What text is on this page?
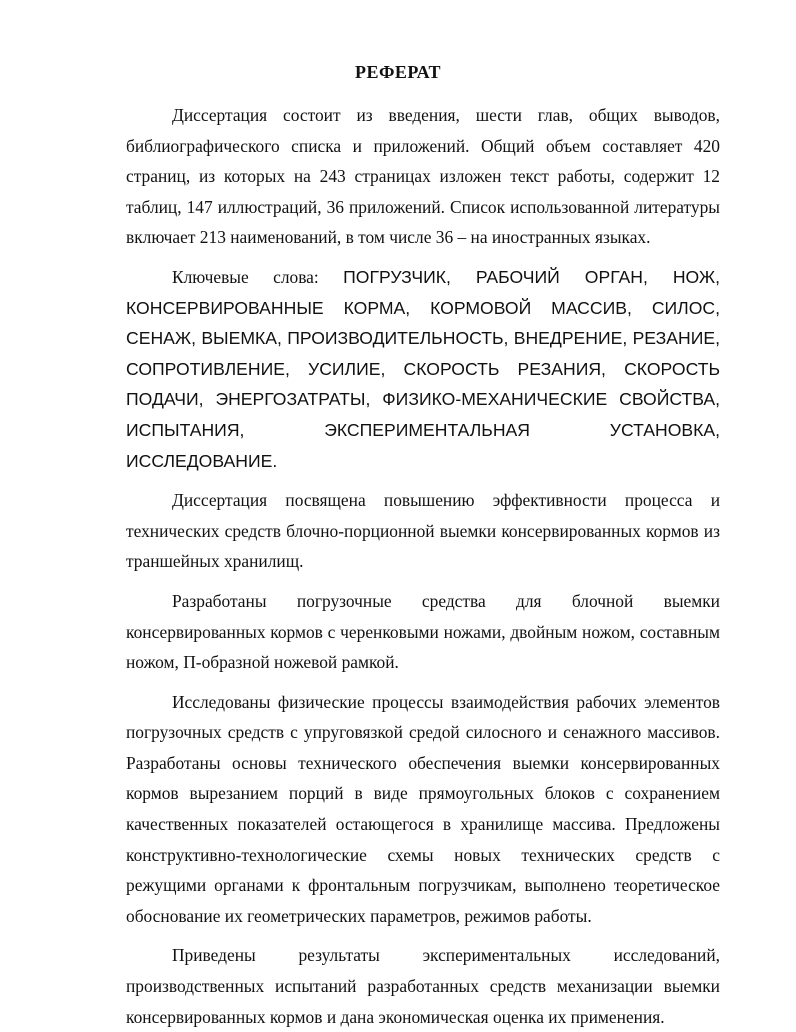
РЕФЕРАТ

Диссертация состоит из введения, шести глав, общих выводов, библиографического списка и приложений. Общий объем составляет 420 страниц, из которых на 243 страницах изложен текст работы, содержит 12 таблиц, 147 иллюстраций, 36 приложений. Список использованной литературы включает 213 наименований, в том числе 36 – на иностранных языках.

Ключевые слова: ПОГРУЗЧИК, РАБОЧИЙ ОРГАН, НОЖ, КОНСЕРВИРОВАННЫЕ КОРМА, КОРМОВОЙ МАССИВ, СИЛОС, СЕНАЖ, ВЫЕМКА, ПРОИЗВОДИТЕЛЬНОСТЬ, ВНЕДРЕНИЕ, РЕЗАНИЕ, СОПРОТИВЛЕНИЕ, УСИЛИЕ, СКОРОСТЬ РЕЗАНИЯ, СКОРОСТЬ ПОДАЧИ, ЭНЕРГОЗАТРАТЫ, ФИЗИКО-МЕХАНИЧЕСКИЕ СВОЙСТВА, ИСПЫТАНИЯ, ЭКСПЕРИМЕНТАЛЬНАЯ УСТАНОВКА, ИССЛЕДОВАНИЕ.

Диссертация посвящена повышению эффективности процесса и технических средств блочно-порционной выемки консервированных кормов из траншейных хранилищ.

Разработаны погрузочные средства для блочной выемки консервированных кормов с черенковыми ножами, двойным ножом, составным ножом, П-образной ножевой рамкой.

Исследованы физические процессы взаимодействия рабочих элементов погрузочных средств с упруговязкой средой силосного и сенажного массивов. Разработаны основы технического обеспечения выемки консервированных кормов вырезанием порций в виде прямоугольных блоков с сохранением качественных показателей остающегося в хранилище массива. Предложены конструктивно-технологические схемы новых технических средств с режущими органами к фронтальным погрузчикам, выполнено теоретическое обоснование их геометрических параметров, режимов работы.

Приведены результаты экспериментальных исследований, производственных испытаний разработанных средств механизации выемки консервированных кормов и дана экономическая оценка их применения.
